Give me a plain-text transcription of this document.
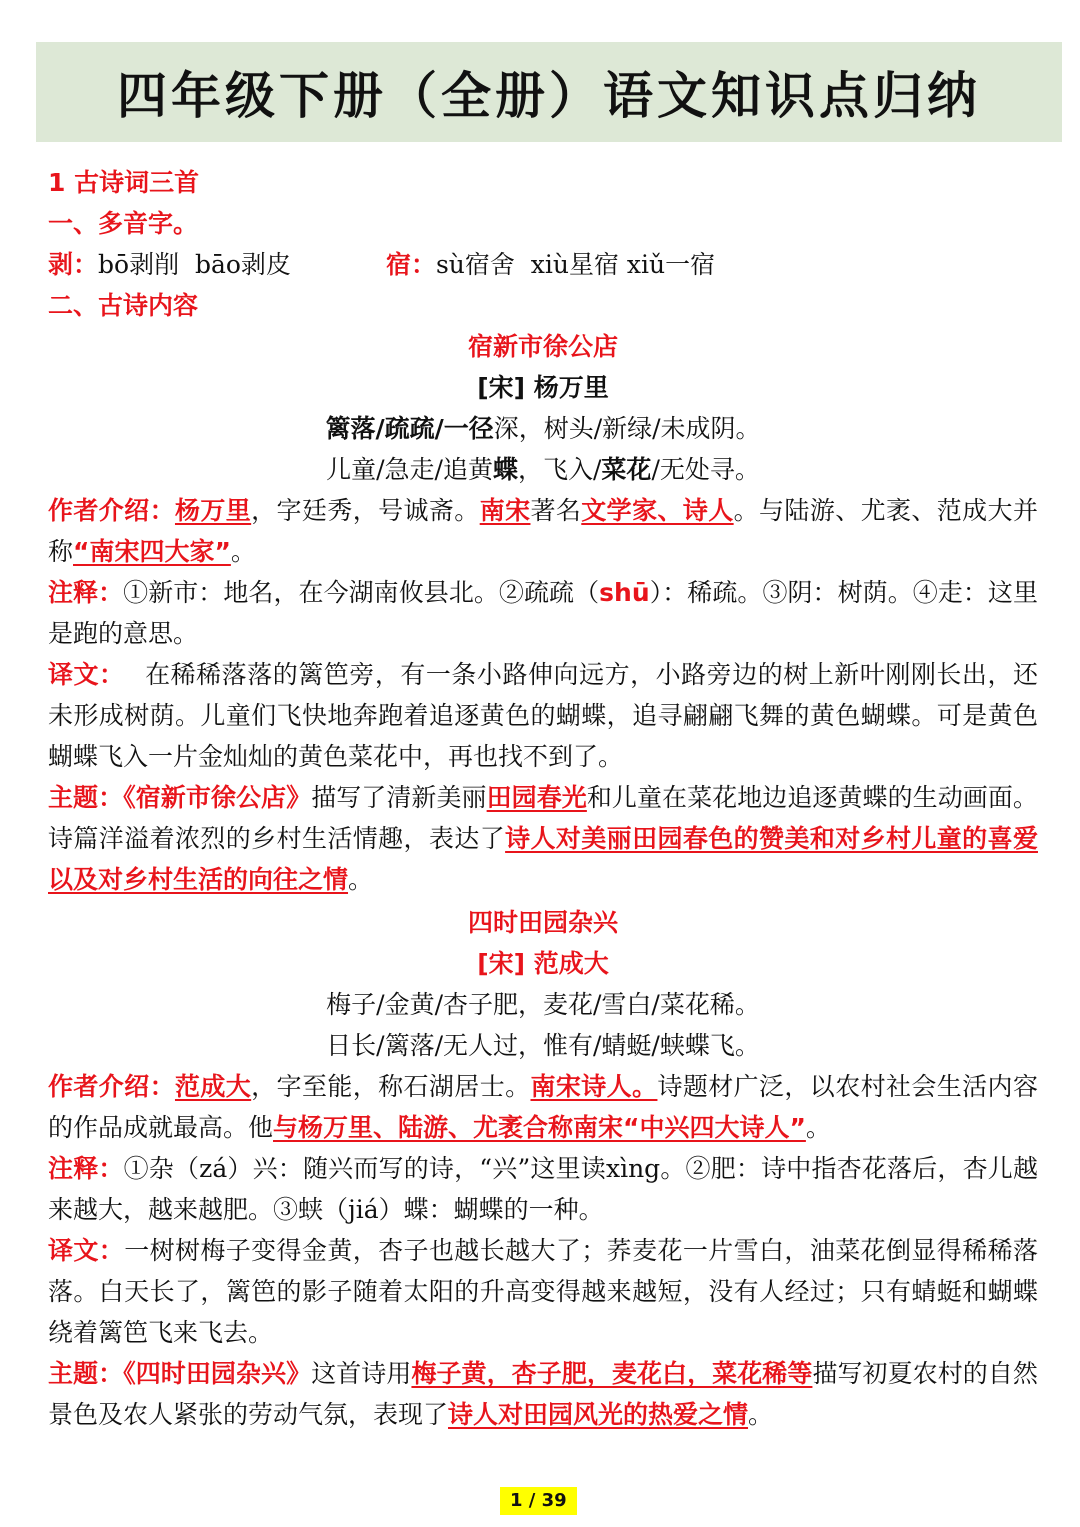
四年级下册（全册）语文知识点归纳
1 古诗词三首
一、多音字。
剥：bō剥削  bāo剥皮	宿：sù宿舍  xiù星宿 xiǔ一宿
二、古诗内容
宿新市徐公店
[宋] 杨万里
篱落/疏疏/一径深，树头/新绿/未成阴。
儿童/急走/追黄蝶，飞入/菜花/无处寻。
作者介绍：杨万里，字廷秀，号诚斋。南宋著名文学家、诗人。与陆游、尤袤、范成大并称“南宋四大家”。
注释：①新市：地名，在今湖南攸县北。②疏疏（shū）：稀疏。③阴：树荫。④走：这里是跑的意思。
译文： 在稀稀落落的篱笆旁，有一条小路伸向远方，小路旁边的树上新叶刚刚长出，还未形成树荫。儿童们飞快地奔跑着追逐黄色的蝴蝶，追寻翩翩飞舞的黄色蝴蝶。可是黄色蝴蝶飞入一片金灿灿的黄色菜花中，再也找不到了。
主题：《宿新市徐公店》描写了清新美丽田园春光和儿童在菜花地边追逐黄蝶的生动画面。诗篇洋溢着浓烈的乡村生活情趣，表达了诗人对美丽田园春色的赞美和对乡村儿童的喜爱以及对乡村生活的向往之情。
四时田园杂兴
[宋] 范成大
梅子/金黄/杏子肥，麦花/雪白/菜花稀。
日长/篱落/无人过，惟有/蜻蜓/蛱蝶飞。
作者介绍：范成大，字至能，称石湖居士。南宋诗人。诗题材广泛，以农村社会生活内容的作品成就最高。他与杨万里、陆游、尤袤合称南宋“中兴四大诗人”。
注释：①杂（zá）兴：随兴而写的诗，“兴”这里读xìng。②肥：诗中指杏花落后，杏儿越来越大，越来越肥。③蛱（jiá）蝶：蝴蝶的一种。
译文：一树树梅子变得金黄，杏子也越长越大了；荞麦花一片雪白，油菜花倒显得稀稀落落。白天长了，篱笆的影子随着太阳的升高变得越来越短，没有人经过；只有蜻蜓和蝴蝶绕着篱笆飞来飞去。
主题：《四时田园杂兴》这首诗用梅子黄，杏子肥，麦花白，菜花稀等描写初夏农村的自然景色及农人紧张的劳动气氛，表现了诗人对田园风光的热爱之情。
1 / 39
